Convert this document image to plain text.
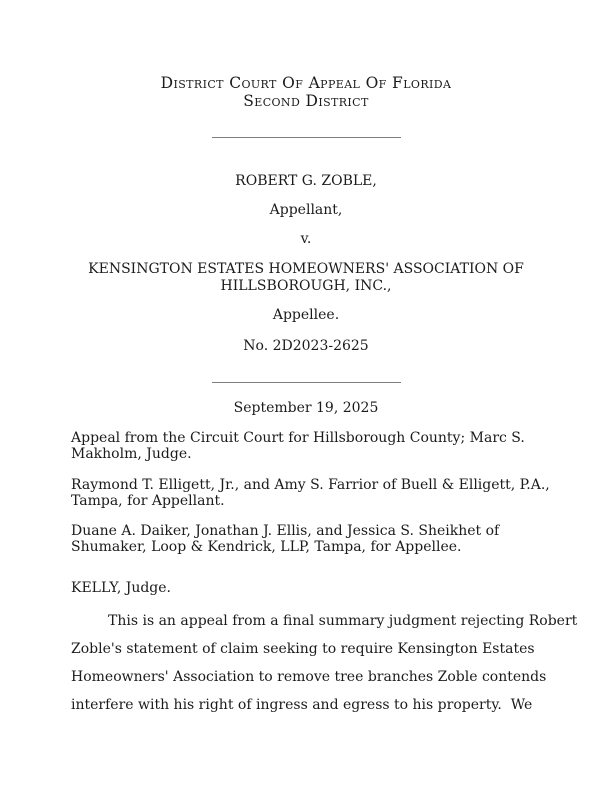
District Court Of Appeal Of Florida
Second District
ROBERT G. ZOBLE,
Appellant,
v.
KENSINGTON ESTATES HOMEOWNERS' ASSOCIATION OF
HILLSBOROUGH, INC.,
Appellee.
No. 2D2023-2625
September 19, 2025
Appeal from the Circuit Court for Hillsborough County; Marc S.
Makholm, Judge.
Raymond T. Elligett, Jr., and Amy S. Farrior of Buell & Elligett, P.A.,
Tampa, for Appellant.
Duane A. Daiker, Jonathan J. Ellis, and Jessica S. Sheikhet of
Shumaker, Loop & Kendrick, LLP, Tampa, for Appellee.
KELLY, Judge.
This is an appeal from a final summary judgment rejecting Robert
Zoble's statement of claim seeking to require Kensington Estates
Homeowners' Association to remove tree branches Zoble contends
interfere with his right of ingress and egress to his property.  We
